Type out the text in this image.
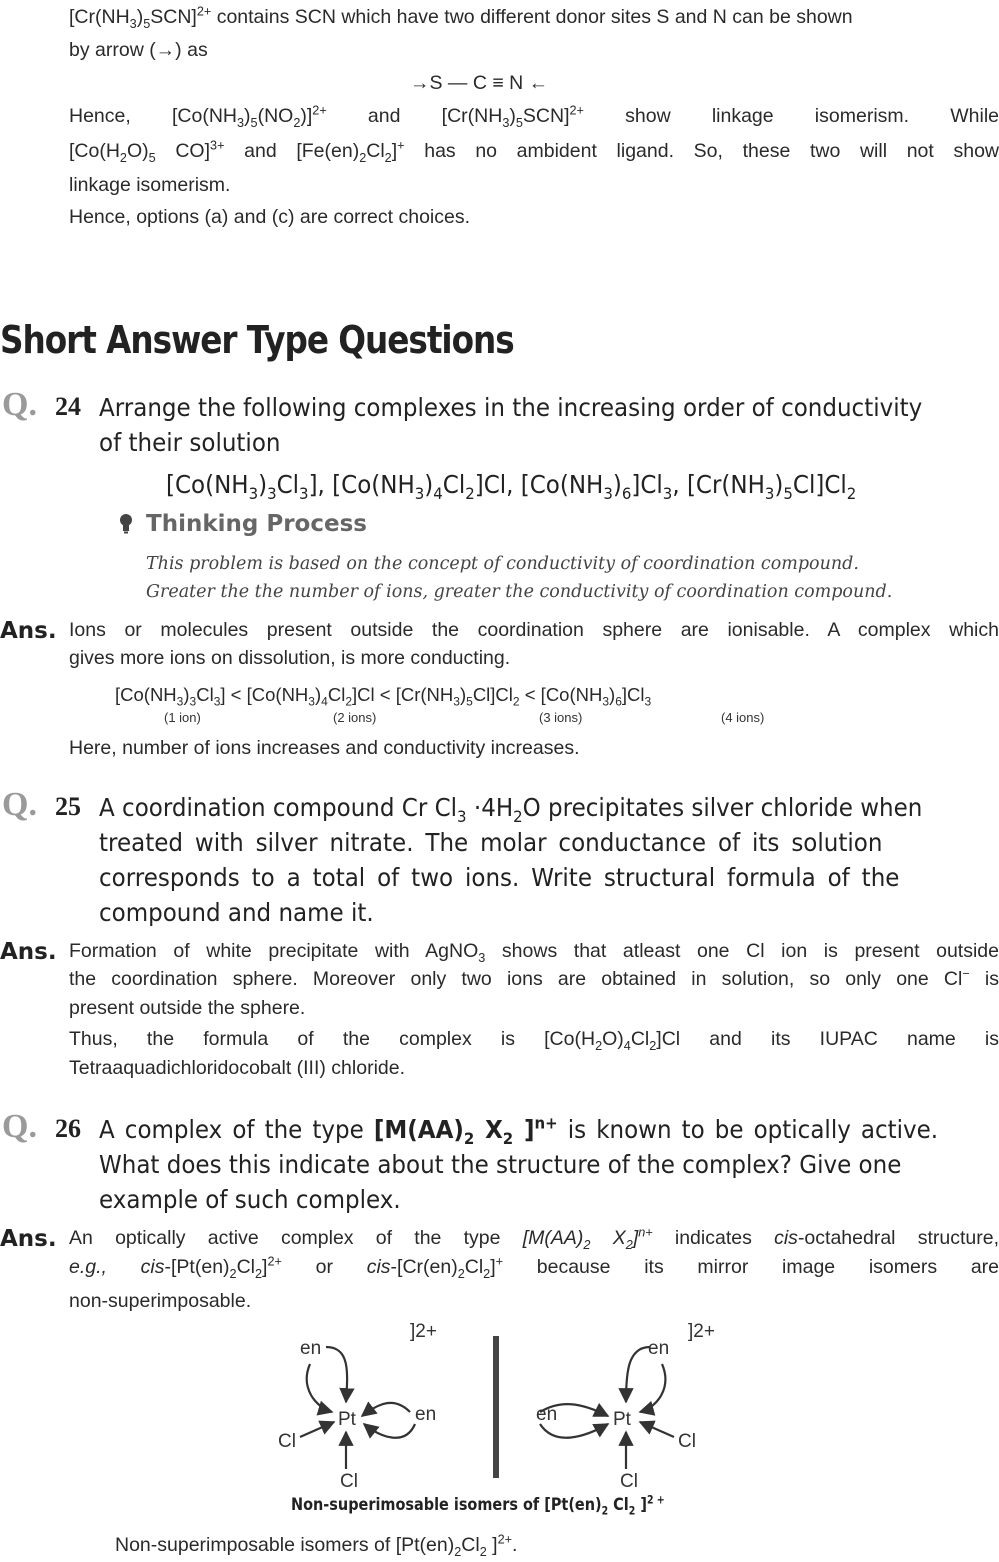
$[Cr(NH_3)_5SCN]^{2+}$ contains SCN which have two different donor sites S and N can be shown
by arrow (→) as
→S — C ≡ N ←
Hence, $[Co(NH_3)_5(NO_2)]^{2+}$ and $[Cr(NH_3)_5SCN]^{2+}$ show linkage isomerism. While
[$Co(H_2O)_5$ CO]$^{3+}$ and $[Fe(en)_2Cl_2]^+$ has no ambident ligand. So, these two will not show
linkage isomerism.
Hence, options (a) and (c) are correct choices.
Short Answer Type Questions
Q. 24 Arrange the following complexes in the increasing order of conductivity
of their solution
$[Co(NH_3)_3Cl_3]$, $[Co(NH_3)_4Cl_2]Cl$, $[Co(NH_3)_6]Cl_3$, $[Cr(NH_3)_5Cl]Cl_2$
Thinking Process
This problem is based on the concept of conductivity of coordination compound.
Greater the the number of ions, greater the conductivity of coordination compound.
Ans. Ions or molecules present outside the coordination sphere are ionisable. A complex which
gives more ions on dissolution, is more conducting.
$[Co(NH_3)_3Cl_3] < [Co(NH_3)_4Cl_2]Cl < [Cr(NH_3)_5Cl]Cl_2 < [Co(NH_3)_6]Cl_3$
(1 ion)	(2 ions)	(3 ions)	(4 ions)
Here, number of ions increases and conductivity increases.
Q. 25 A coordination compound Cr $Cl_3 \cdot 4H_2O$ precipitates silver chloride when
treated with silver nitrate. The molar conductance of its solution
corresponds to a total of two ions. Write structural formula of the
compound and name it.
Ans. Formation of white precipitate with AgNO$_3$ shows that atleast one Cl ion is present outside
the coordination sphere. Moreover only two ions are obtained in solution, so only one Cl− is
present outside the sphere.
Thus, the formula of the complex is $[Co(H_2O)_4Cl_2]Cl$ and its IUPAC name is
Tetraaquadichloridocobalt (III) chloride.
Q. 26 A complex of the type [$M(AA)_2$ $X_2$ ]$^{n+}$ is known to be optically active.
What does this indicate about the structure of the complex? Give one
example of such complex.
Ans. An optically active complex of the type [$M(AA)_2$ $X_2]^{n+}$ indicates cis-octahedral structure,
e.g., cis-$[Pt(en)_2Cl_2]^{2+}$ or cis-$[Cr(en)_2Cl_2]^+$ because its mirror image isomers are
non-superimposable.
]2+
en
en
Pt
Cl
Cl
]2+
en
en	Pt
Cl
Cl
Non-superimosable isomers of [$Pt(en)_2$ $Cl_2$ ]$^{2 +}$
Non-superimposable isomers of [$Pt(en)_2Cl_2$ ]$^{2+}$.
